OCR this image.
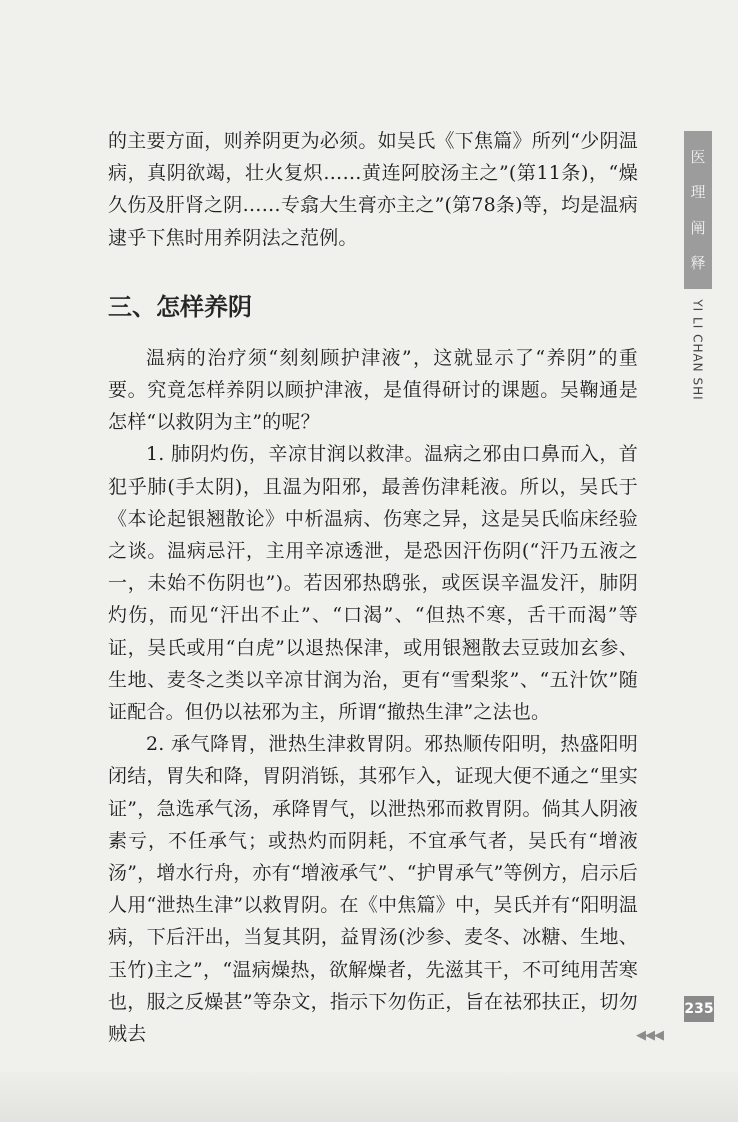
的主要方面，则养阴更为必须。如吴氏《下焦篇》所列“少阴温病，真阴欲竭，壮火复炽……黄连阿胶汤主之”(第11条)，“燥久伤及肝肾之阴……专翕大生膏亦主之”(第78条)等，均是温病逮乎下焦时用养阴法之范例。

三、怎样养阴

温病的治疗须“刻刻顾护津液”，这就显示了“养阴”的重要。究竟怎样养阴以顾护津液，是值得研讨的课题。吴鞠通是怎样“以救阴为主”的呢？

1. 肺阴灼伤，辛凉甘润以救津。温病之邪由口鼻而入，首犯乎肺(手太阴)，且温为阳邪，最善伤津耗液。所以，吴氏于《本论起银翘散论》中析温病、伤寒之异，这是吴氏临床经验之谈。温病忌汗，主用辛凉透泄，是恐因汗伤阴(“汗乃五液之一，未始不伤阴也”)。若因邪热鸱张，或医误辛温发汗，肺阴灼伤，而见“汗出不止”、“口渴”、“但热不寒，舌干而渴”等证，吴氏或用“白虎”以退热保津，或用银翘散去豆豉加玄参、生地、麦冬之类以辛凉甘润为治，更有“雪梨浆”、“五汁饮”随证配合。但仍以祛邪为主，所谓“撤热生津”之法也。

2. 承气降胃，泄热生津救胃阴。邪热顺传阳明，热盛阳明闭结，胃失和降，胃阴消铄，其邪乍入，证现大便不通之“里实证”，急选承气汤，承降胃气，以泄热邪而救胃阴。倘其人阴液素亏，不任承气；或热灼而阴耗，不宜承气者，吴氏有“增液汤”，增水行舟，亦有“增液承气”、“护胃承气”等例方，启示后人用“泄热生津”以救胃阴。在《中焦篇》中，吴氏并有“阳明温病，下后汗出，当复其阴，益胃汤(沙参、麦冬、冰糖、生地、玉竹)主之”，“温病燥热，欲解燥者，先滋其干，不可纯用苦寒也，服之反燥甚”等杂文，指示下勿伤正，旨在祛邪扶正，切勿贼去

医
理
阐
释
YI LI CHAN SHI
235
◀◀◀
